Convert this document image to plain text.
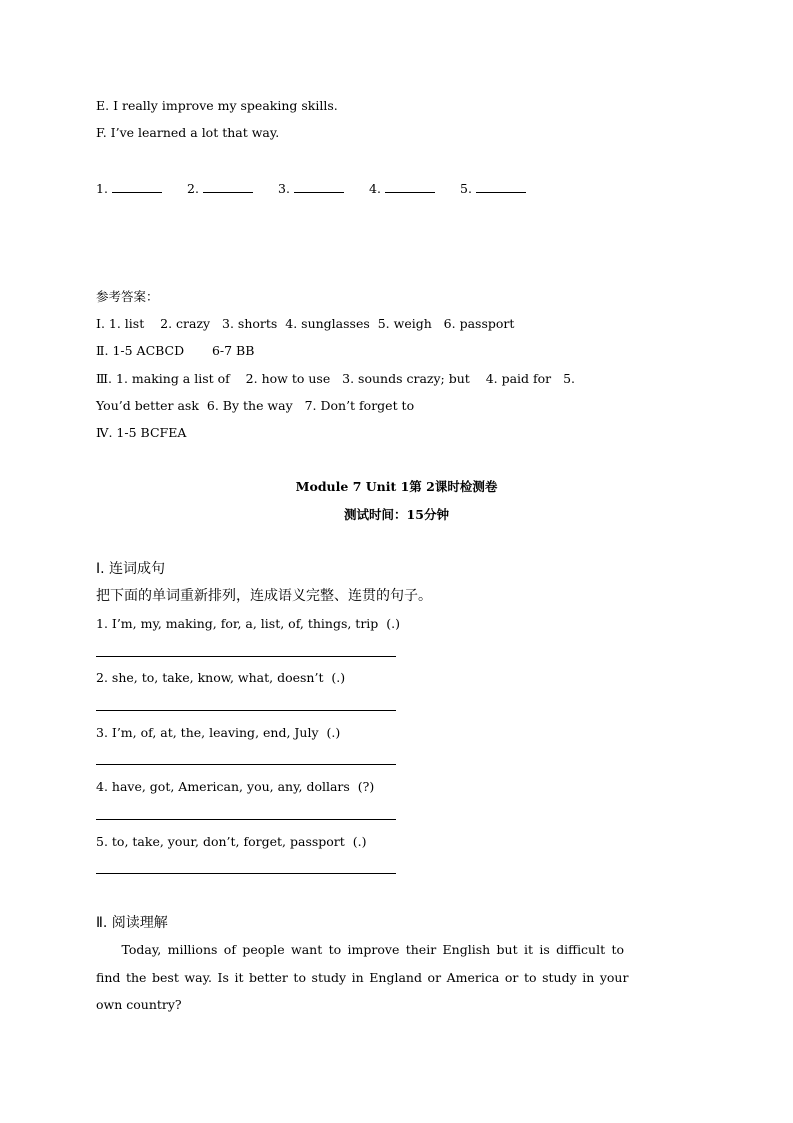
E. I really improve my speaking skills.
F. I’ve learned a lot that way.
1.	2.	3.	4.	5.
参考答案：
Ⅰ. 1. list    2. crazy   3. shorts  4. sunglasses  5. weigh   6. passport
Ⅱ. 1-5 ACBCD       6-7 BB
Ⅲ. 1. making a list of    2. how to use   3. sounds crazy; but    4. paid for   5.
You’d better ask  6. By the way   7. Don’t forget to
Ⅳ. 1-5 BCFEA
Module 7 Unit 1第 2课时检测卷
测试时间：15分钟
Ⅰ. 连词成句
把下面的单词重新排列，连成语义完整、连贯的句子。
1. I’m, my, making, for, a, list, of, things, trip  (.)
2. she, to, take, know, what, doesn’t  (.)
3. I’m, of, at, the, leaving, end, July  (.)
4. have, got, American, you, any, dollars  (?)
5. to, take, your, don’t, forget, passport  (.)
Ⅱ. 阅读理解
Today, millions of people want to improve their English but it is difficult to
find the best way. Is it better to study in England or America or to study in your
own country?
